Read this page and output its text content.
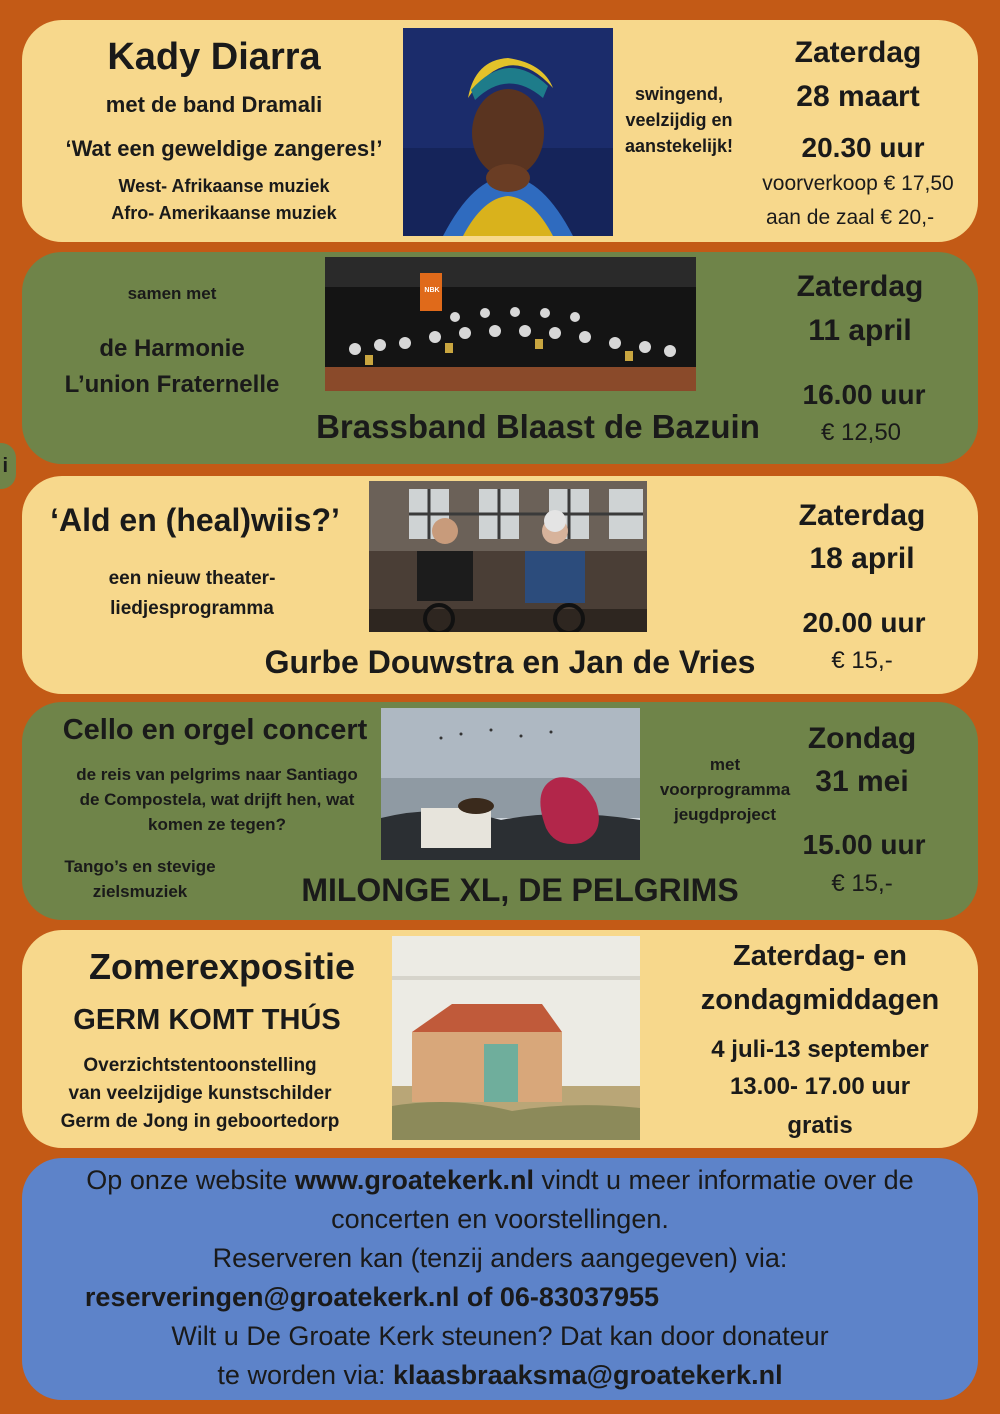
i
Kady Diarra
met de band Dramali
‘Wat een geweldige zangeres!’
West- Afrikaanse muziek
Afro- Amerikaanse muziek
swingend,
veelzijdig en
aanstekelijk!
Zaterdag
28 maart
20.30 uur
voorverkoop € 17,50
aan de zaal € 20,-
samen met
de Harmonie
L’union Fraternelle
NBK
Brassband Blaast de Bazuin
Zaterdag
11 april
16.00 uur
€ 12,50
‘Ald en (heal)wiis?’
een nieuw theater-
liedjesprogramma
Gurbe Douwstra en Jan de Vries
Zaterdag
18 april
20.00 uur
€ 15,-
Cello en orgel concert
de reis van pelgrims naar Santiago
de Compostela, wat drijft hen, wat
komen ze tegen?
Tango’s en stevige
zielsmuziek
met
voorprogramma
jeugdproject
MILONGE XL, DE PELGRIMS
Zondag
31 mei
15.00 uur
€ 15,-
Zomerexpositie
GERM KOMT THÚS
Overzichtstentoonstelling
van veelzijdige kunstschilder
Germ de Jong in geboortedorp
Zaterdag- en
zondagmiddagen
4 juli-13 september
13.00- 17.00 uur
gratis
Op onze website www.groatekerk.nl vindt u meer informatie over de
concerten en voorstellingen.
Reserveren kan (tenzij anders aangegeven) via:
reserveringen@groatekerk.nl of 06-83037955
Wilt u De Groate Kerk steunen? Dat kan door donateur
te worden via: klaasbraaksma@groatekerk.nl
